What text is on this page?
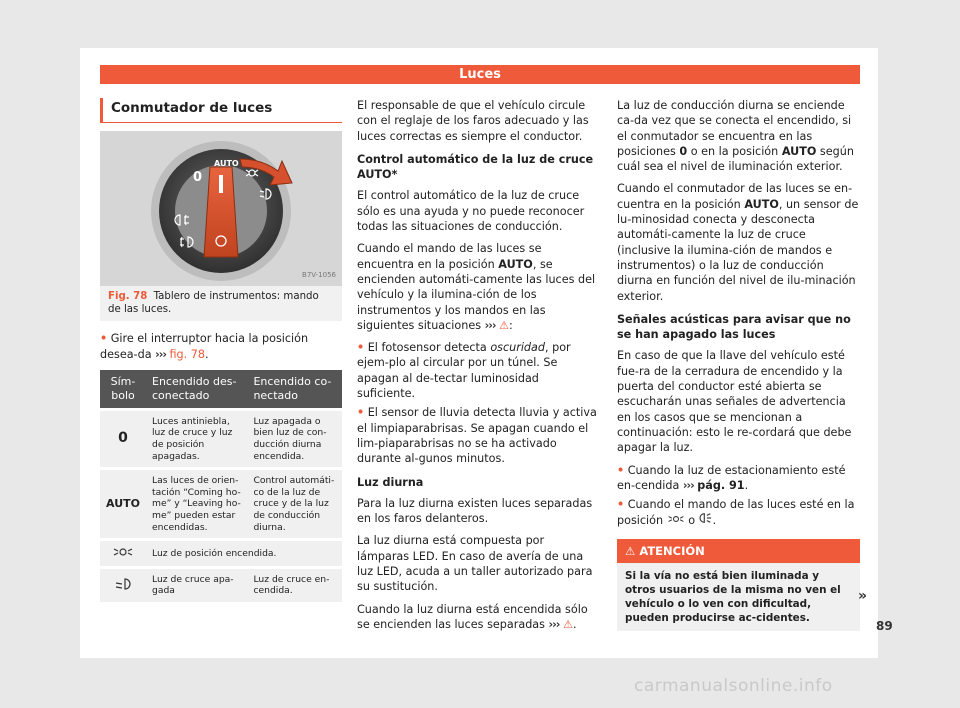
Luces
Conmutador de luces
0
AUTO
B7V-1056
Fig. 78 Tablero de instrumentos: mando de las luces.

• Gire el interruptor hacia la posición desea-da ››› fig. 78.

Sím-bolo	Encendido des-conectado	Encendido co-nectado
0	Luces antiniebla, luz de cruce y luz de posición apagadas.	Luz apagada o bien luz de con-ducción diurna encendida.
AUTO	Las luces de orien-tación “Coming ho-me” y “Leaving ho-me” pueden estar encendidas.	Control automáti-co de la luz de cruce y de la luz de conducción diurna.
	Luz de posición encendida.	
	Luz de cruce apa-gada	Luz de cruce en-cendida.

El responsable de que el vehículo circule con el reglaje de los faros adecuado y las luces correctas es siempre el conductor.

Control automático de la luz de cruce
AUTO*

El control automático de la luz de cruce sólo es una ayuda y no puede reconocer todas las situaciones de conducción.

Cuando el mando de las luces se encuentra en la posición AUTO, se encienden automáti-camente las luces del vehículo y la ilumina-ción de los instrumentos y los mandos en las siguientes situaciones ››› ⚠:

• El fotosensor detecta oscuridad, por ejem-plo al circular por un túnel. Se apagan al de-tectar luminosidad suficiente.

• El sensor de lluvia detecta lluvia y activa el limpiaparabrisas. Se apagan cuando el lim-piaparabrisas no se ha activado durante al-gunos minutos.

Luz diurna

Para la luz diurna existen luces separadas en los faros delanteros.

La luz diurna está compuesta por lámparas LED. En caso de avería de una luz LED, acuda a un taller autorizado para su sustitución.

Cuando la luz diurna está encendida sólo se encienden las luces separadas ››› ⚠.

La luz de conducción diurna se enciende ca-da vez que se conecta el encendido, si el conmutador se encuentra en las posiciones 0 o en la posición AUTO según cuál sea el nivel de iluminación exterior.

Cuando el conmutador de las luces se en-cuentra en la posición AUTO, un sensor de lu-minosidad conecta y desconecta automáti-camente la luz de cruce (inclusive la ilumina-ción de mandos e instrumentos) o la luz de conducción diurna en función del nivel de ilu-minación exterior.

Señales acústicas para avisar que no se han apagado las luces

En caso de que la llave del vehículo esté fue-ra de la cerradura de encendido y la puerta del conductor esté abierta se escucharán unas señales de advertencia en los casos que se mencionan a continuación: esto le re-cordará que debe apagar la luz.

• Cuando la luz de estacionamiento esté en-cendida ››› pág. 91.

• Cuando el mando de las luces esté en la posición o .

⚠ ATENCIÓN
Si la vía no está bien iluminada y otros usuarios de la misma no ven el vehículo o lo ven con dificultad, pueden producirse ac-cidentes.
»
89
carmanualsonline.info
